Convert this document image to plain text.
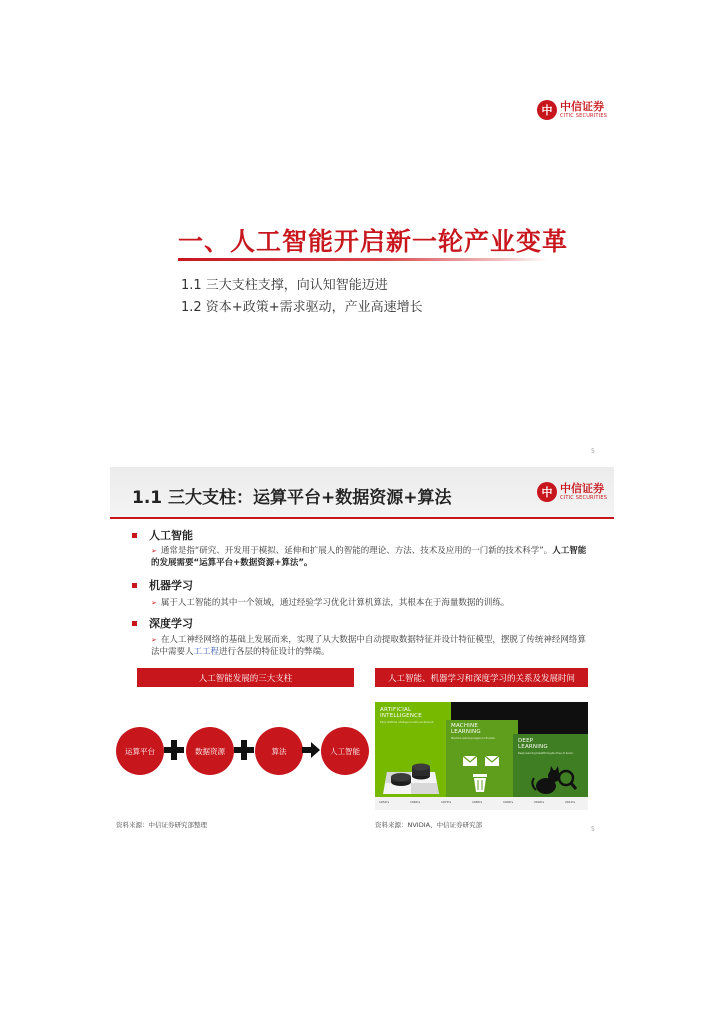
中 中信证券
CITIC SECURITIES
一、人工智能开启新一轮产业变革
1.1 三大支柱支撑，向认知智能迈进
1.2 资本+政策+需求驱动，产业高速增长
5
1.1 三大支柱：运算平台+数据资源+算法	中 中信证券
CITIC SECURITIES
人工智能
➢ 通常是指“研究、开发用于模拟、延伸和扩展人的智能的理论、方法、技术及应用的一门新的技术科学”。人工智能的发展需要“运算平台+数据资源+算法”。
机器学习
➢ 属于人工智能的其中一个领域，通过经验学习优化计算机算法，其根本在于海量数据的训练。
深度学习
➢ 在人工神经网络的基础上发展而来，实现了从大数据中自动提取数据特征并设计特征模型，摆脱了传统神经网络算法中需要人工工程进行各层的特征设计的弊端。
人工智能发展的三大支柱	人工智能、机器学习和深度学习的关系及发展时间
运算平台	数据资源	算法	人工智能
ARTIFICIAL
INTELLIGENCE
Early artificial intelligence stirs excitement.
MACHINE
LEARNING
Machine learning begins to flourish.	DEEP
LEARNING
Deep learning breakthroughs drive AI boom.
1950's	1960's	1970's	1980's	1990's	2000's	2010's
资料来源：中信证券研究部整理	资料来源：NVIDIA、中信证券研究部
5
